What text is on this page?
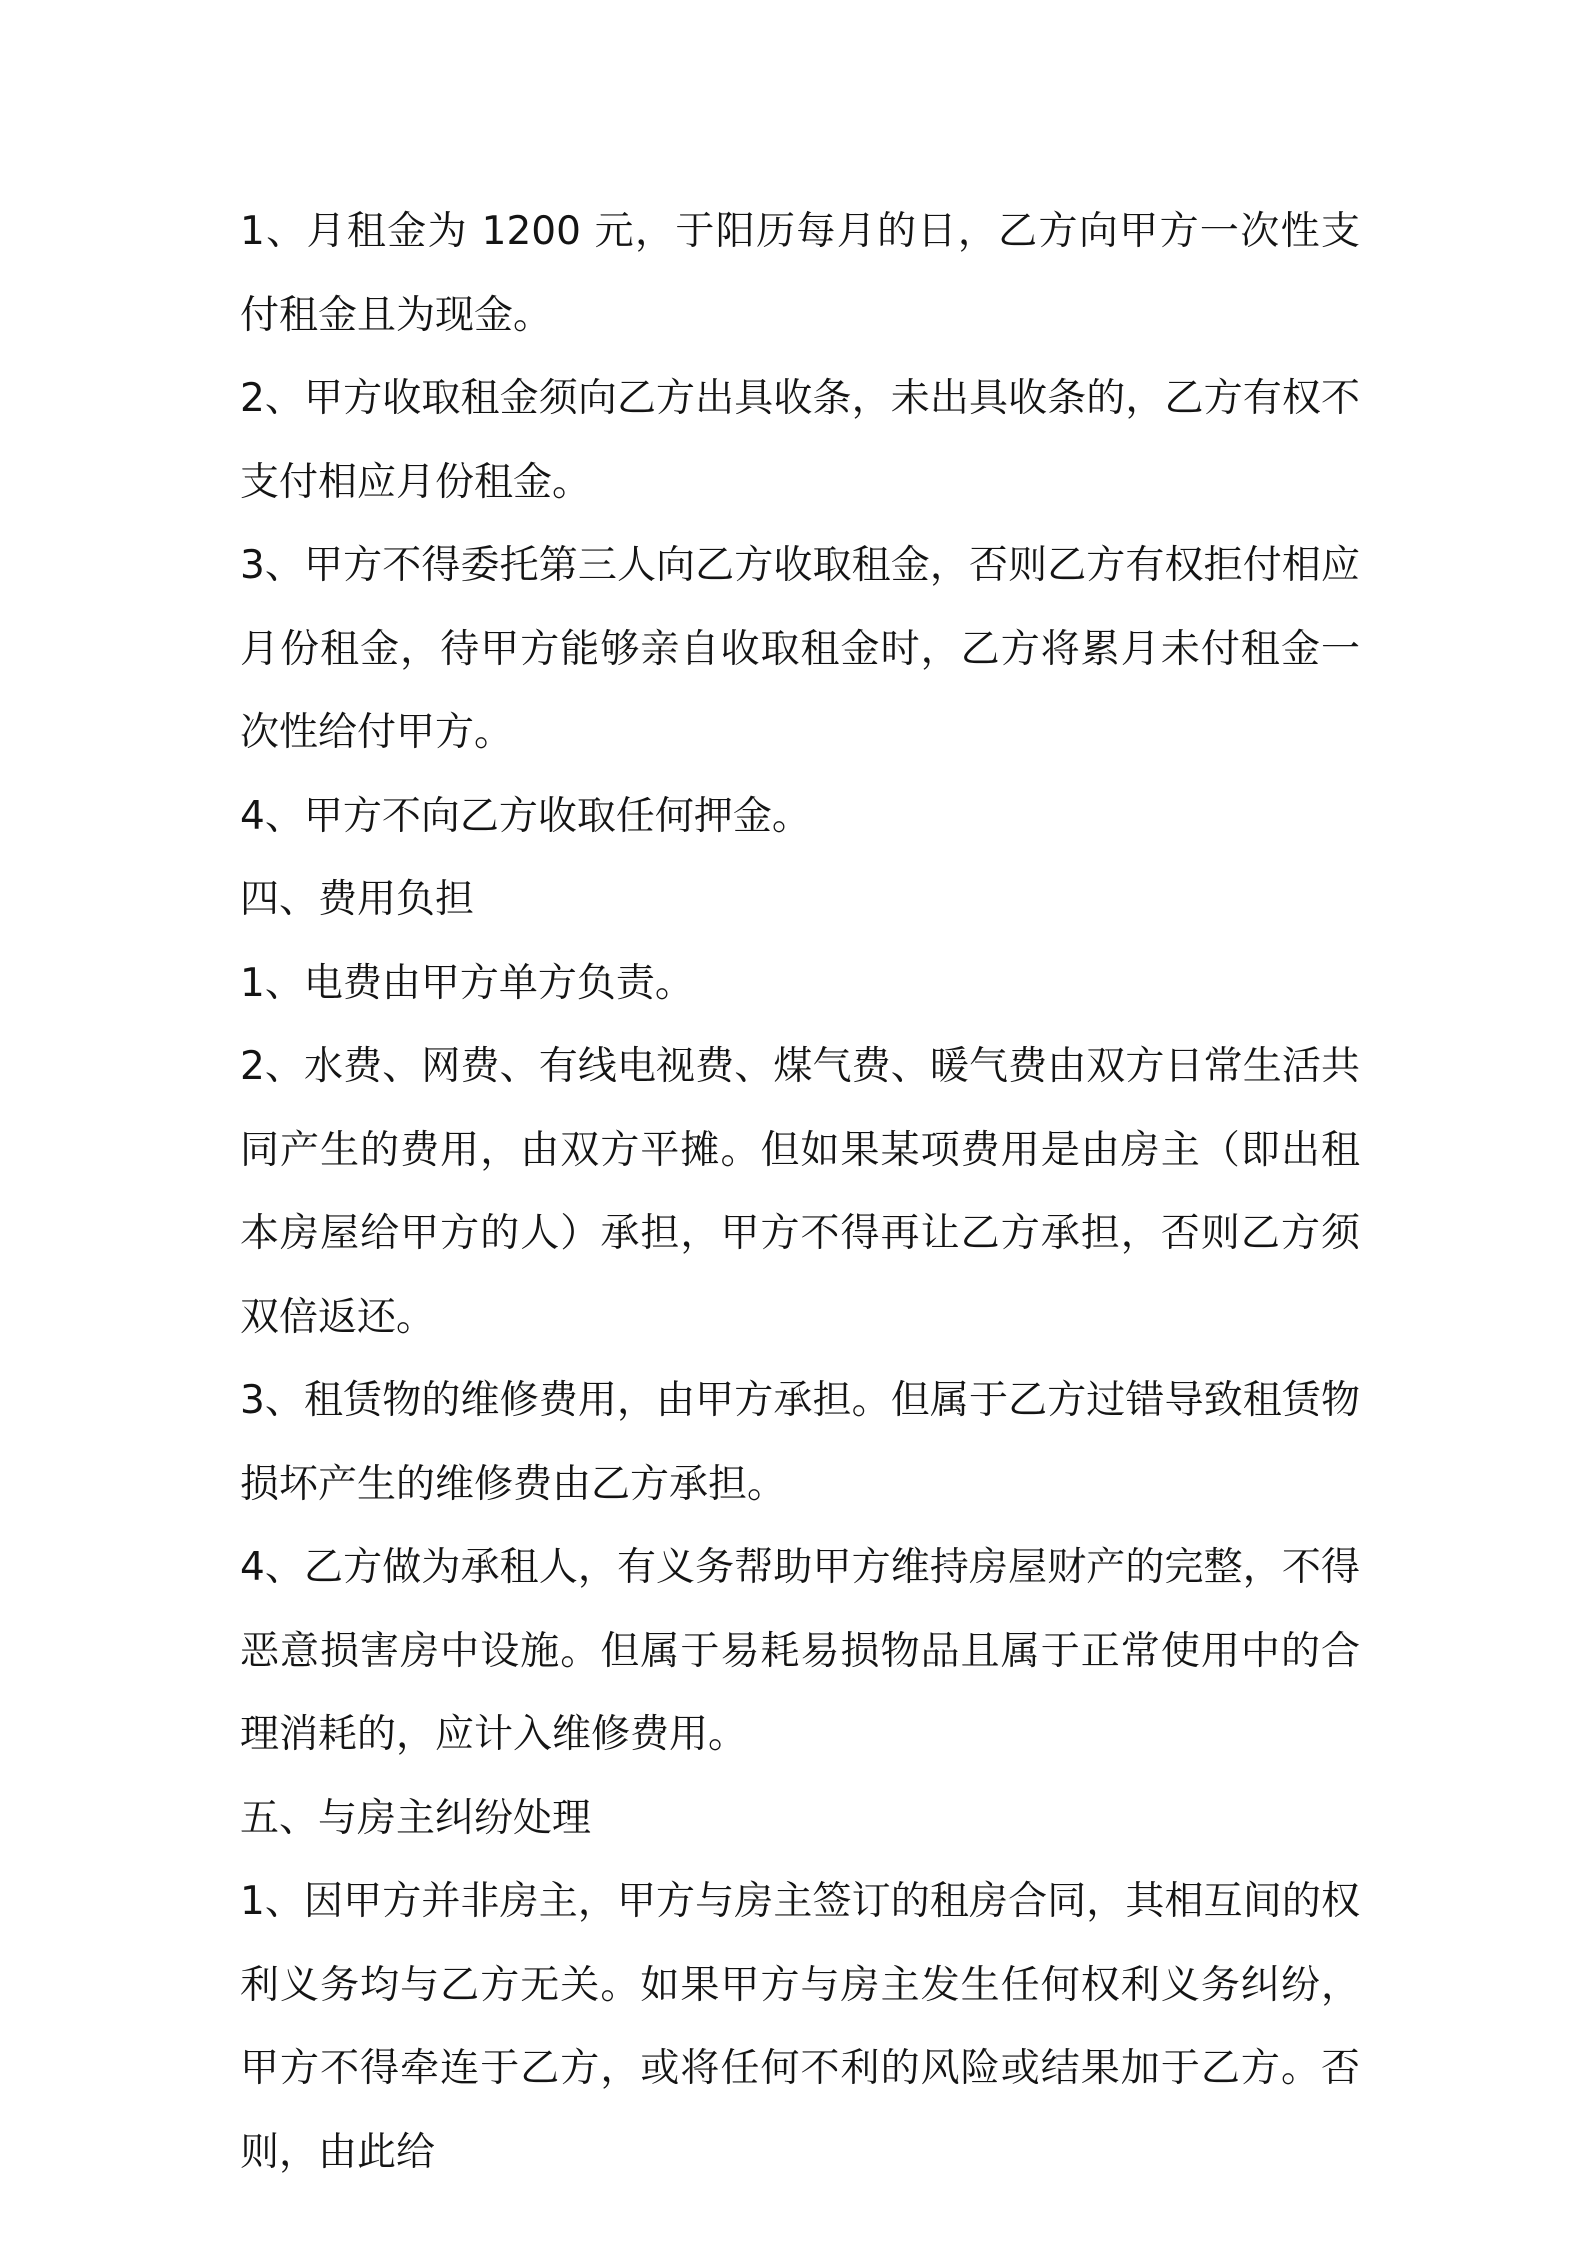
1、月租金为 1200 元，于阳历每月的日，乙方向甲方一次性支付租金且为现金。

2、甲方收取租金须向乙方出具收条，未出具收条的，乙方有权不支付相应月份租金。

3、甲方不得委托第三人向乙方收取租金，否则乙方有权拒付相应月份租金，待甲方能够亲自收取租金时，乙方将累月未付租金一次性给付甲方。

4、甲方不向乙方收取任何押金。

四、费用负担

1、电费由甲方单方负责。

2、水费、网费、有线电视费、煤气费、暖气费由双方日常生活共同产生的费用，由双方平摊。但如果某项费用是由房主（即出租本房屋给甲方的人）承担，甲方不得再让乙方承担，否则乙方须双倍返还。

3、租赁物的维修费用，由甲方承担。但属于乙方过错导致租赁物损坏产生的维修费由乙方承担。

4、乙方做为承租人，有义务帮助甲方维持房屋财产的完整，不得恶意损害房中设施。但属于易耗易损物品且属于正常使用中的合理消耗的，应计入维修费用。

五、与房主纠纷处理

1、因甲方并非房主，甲方与房主签订的租房合同，其相互间的权利义务均与乙方无关。如果甲方与房主发生任何权利义务纠纷，甲方不得牵连于乙方，或将任何不利的风险或结果加于乙方。否则，由此给
